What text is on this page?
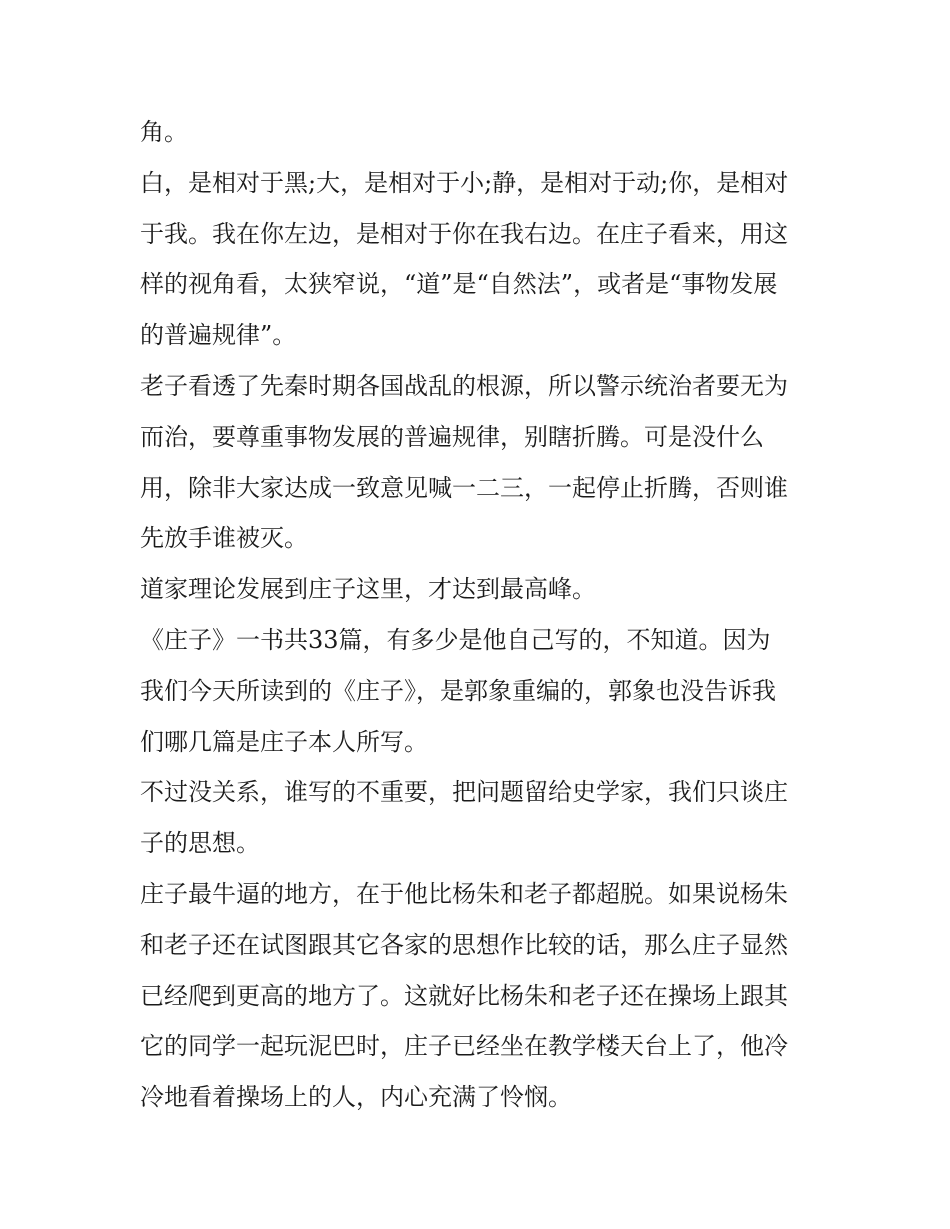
角。

白，是相对于黑;大，是相对于小;静，是相对于动;你，是相对
于我。我在你左边，是相对于你在我右边。在庄子看来，用这
样的视角看，太狭窄说，“道”是“自然法”，或者是“事物发展
的普遍规律”。

老子看透了先秦时期各国战乱的根源，所以警示统治者要无为
而治，要尊重事物发展的普遍规律，别瞎折腾。可是没什么
用，除非大家达成一致意见喊一二三，一起停止折腾，否则谁
先放手谁被灭。

道家理论发展到庄子这里，才达到最高峰。

《庄子》一书共33篇，有多少是他自己写的，不知道。因为
我们今天所读到的《庄子》，是郭象重编的，郭象也没告诉我
们哪几篇是庄子本人所写。

不过没关系，谁写的不重要，把问题留给史学家，我们只谈庄
子的思想。

庄子最牛逼的地方，在于他比杨朱和老子都超脱。如果说杨朱
和老子还在试图跟其它各家的思想作比较的话，那么庄子显然
已经爬到更高的地方了。这就好比杨朱和老子还在操场上跟其
它的同学一起玩泥巴时，庄子已经坐在教学楼天台上了，他冷
冷地看着操场上的人，内心充满了怜悯。
